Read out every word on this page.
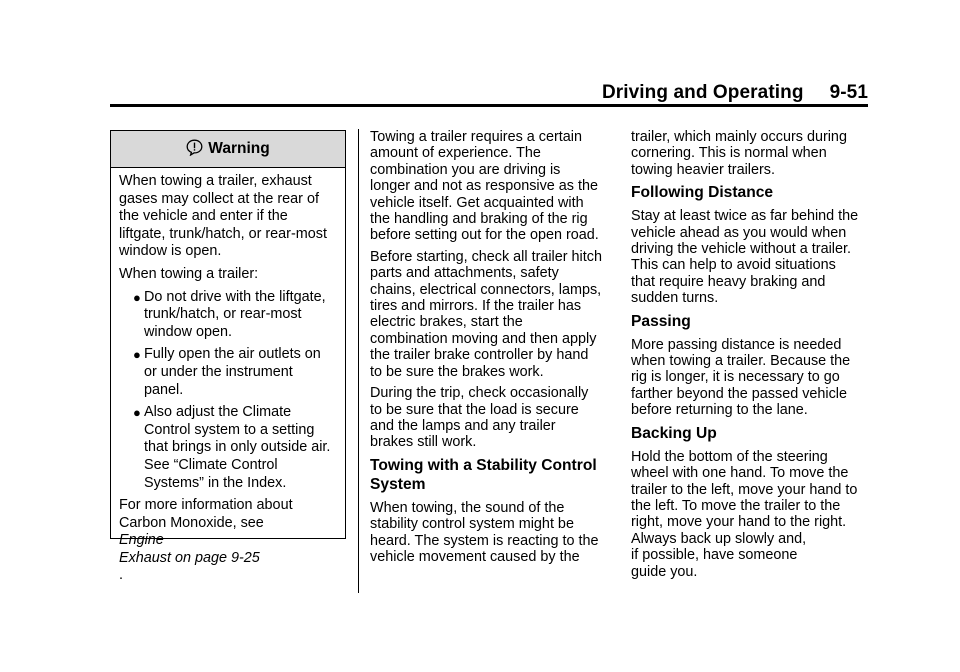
Driving and Operating 9-51
Warning

When towing a trailer, exhaust
gases may collect at the rear of
the vehicle and enter if the
liftgate, trunk/hatch, or rear-most
window is open.

When towing a trailer:

● Do not drive with the liftgate,
trunk/hatch, or rear-most
window open.
● Fully open the air outlets on
or under the instrument
panel.
● Also adjust the Climate
Control system to a setting
that brings in only outside air.
See “Climate Control
Systems” in the Index.

For more information about
Carbon Monoxide, see
Engine
Exhaust on page 9-25
.

Towing a trailer requires a certain
amount of experience. The
combination you are driving is
longer and not as responsive as the
vehicle itself. Get acquainted with
the handling and braking of the rig
before setting out for the open road.

Before starting, check all trailer hitch
parts and attachments, safety
chains, electrical connectors, lamps,
tires and mirrors. If the trailer has
electric brakes, start the
combination moving and then apply
the trailer brake controller by hand
to be sure the brakes work.

During the trip, check occasionally
to be sure that the load is secure
and the lamps and any trailer
brakes still work.

Towing with a Stability Control
System

When towing, the sound of the
stability control system might be
heard. The system is reacting to the
vehicle movement caused by the

trailer, which mainly occurs during
cornering. This is normal when
towing heavier trailers.

Following Distance

Stay at least twice as far behind the
vehicle ahead as you would when
driving the vehicle without a trailer.
This can help to avoid situations
that require heavy braking and
sudden turns.

Passing

More passing distance is needed
when towing a trailer. Because the
rig is longer, it is necessary to go
farther beyond the passed vehicle
before returning to the lane.

Backing Up

Hold the bottom of the steering
wheel with one hand. To move the
trailer to the left, move your hand to
the left. To move the trailer to the
right, move your hand to the right.
Always back up slowly and,
if possible, have someone
guide you.
